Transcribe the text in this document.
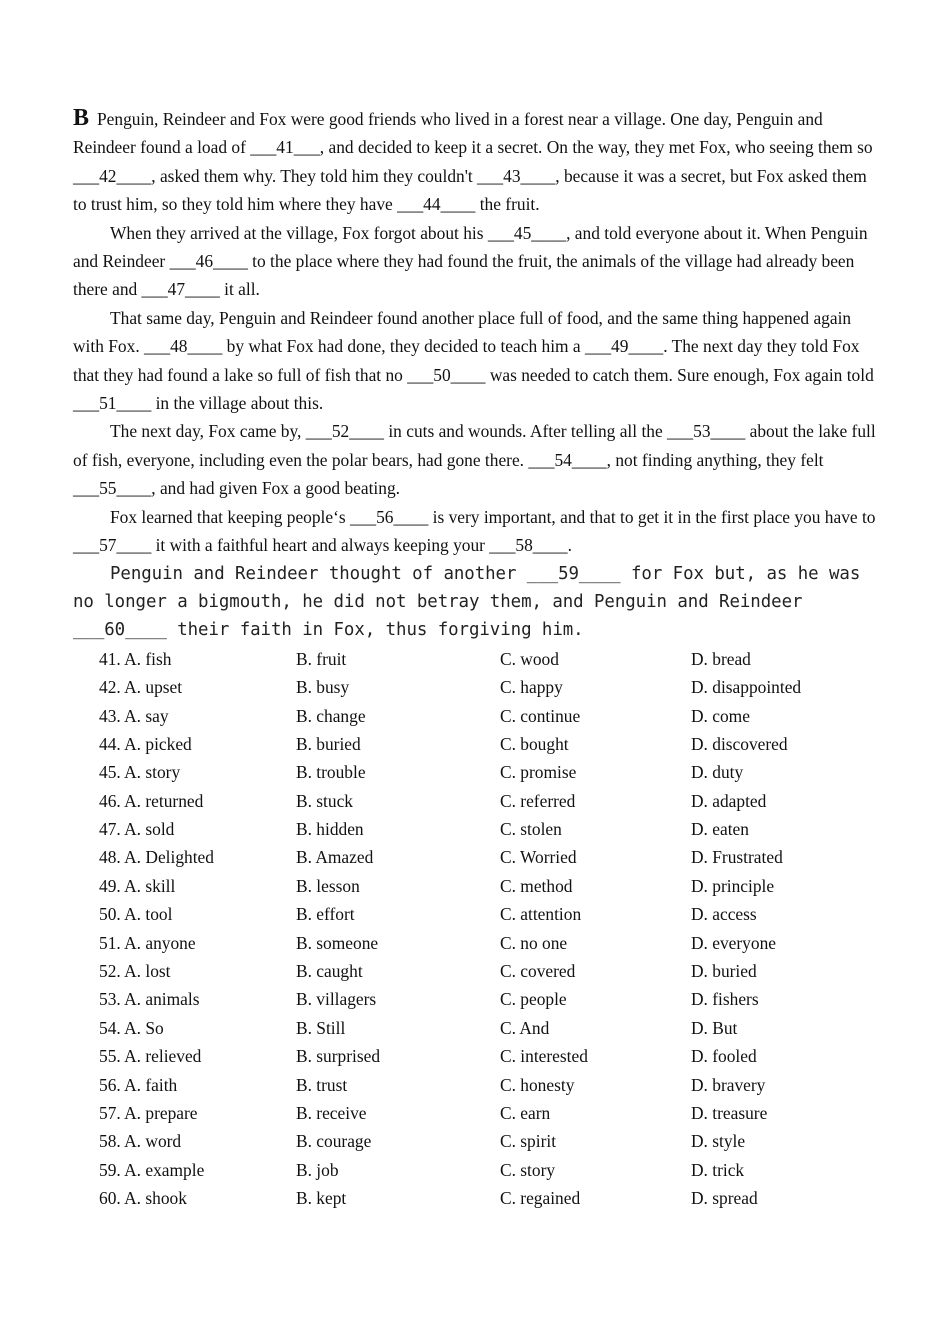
B Penguin, Reindeer and Fox were good friends who lived in a forest near a village. One day, Penguin and Reindeer found a load of ___41___, and decided to keep it a secret. On the way, they met Fox, who seeing them so ___42____, asked them why. They told him they couldn't ___43____, because it was a secret, but Fox asked them to trust him, so they told him where they have ___44____ the fruit.

When they arrived at the village, Fox forgot about his ___45____, and told everyone about it. When Penguin and Reindeer ___46____ to the place where they had found the fruit, the animals of the village had already been there and ___47____ it all.

That same day, Penguin and Reindeer found another place full of food, and the same thing happened again with Fox. ___48____ by what Fox had done, they decided to teach him a ___49____. The next day they told Fox that they had found a lake so full of fish that no ___50____ was needed to catch them. Sure enough, Fox again told ___51____ in the village about this.

The next day, Fox came by, ___52____ in cuts and wounds. After telling all the ___53____ about the lake full of fish, everyone, including even the polar bears, had gone there. ___54____, not finding anything, they felt ___55____, and had given Fox a good beating.

Fox learned that keeping people‘s ___56____ is very important, and that to get it in the first place you have to ___57____ it with a faithful heart and always keeping your ___58____.

Penguin and Reindeer thought of another ___59____ for Fox but, as he was no longer a bigmouth, he did not betray them, and Penguin and Reindeer ___60____ their faith in Fox, thus forgiving him.

41. A. fish	B. fruit	C. wood	D. bread
42. A. upset	B. busy	C. happy	D. disappointed
43. A. say	B. change	C. continue	D. come
44. A. picked	B. buried	C. bought	D. discovered
45. A. story	B. trouble	C. promise	D. duty
46. A. returned	B. stuck	C. referred	D. adapted
47. A. sold	B. hidden	C. stolen	D. eaten
48. A. Delighted	B. Amazed	C. Worried	D. Frustrated
49. A. skill	B. lesson	C. method	D. principle
50. A. tool	B. effort	C. attention	D. access
51. A. anyone	B. someone	C. no one	D. everyone
52. A. lost	B. caught	C. covered	D. buried
53. A. animals	B. villagers	C. people	D. fishers
54. A. So	B. Still	C. And	D. But
55. A. relieved	B. surprised	C. interested	D. fooled
56. A. faith	B. trust	C. honesty	D. bravery
57. A. prepare	B. receive	C. earn	D. treasure
58. A. word	B. courage	C. spirit	D. style
59. A. example	B. job	C. story	D. trick
60. A. shook	B. kept	C. regained	D. spread
